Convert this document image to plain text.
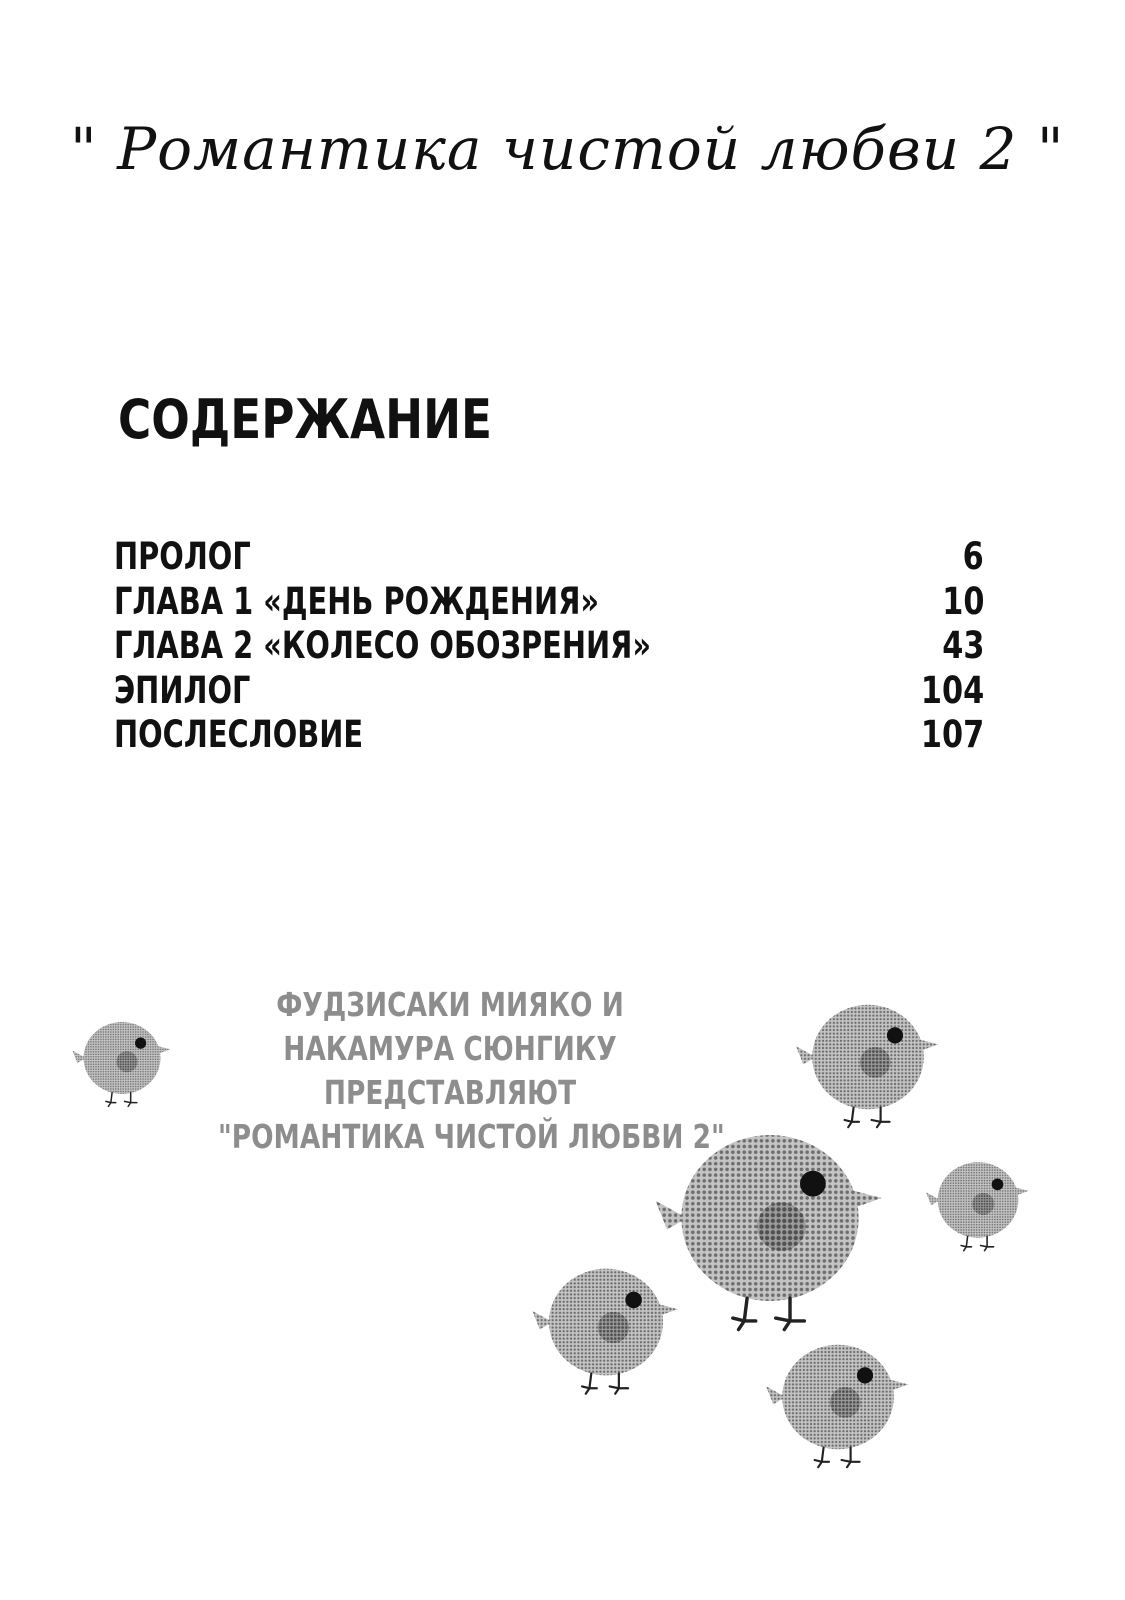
" Романтика чистой любви 2 "
СОДЕРЖАНИЕ
ПРОЛОГ	6
ГЛАВА 1 «ДЕНЬ РОЖДЕНИЯ»	10
ГЛАВА 2 «КОЛЕСО ОБОЗРЕНИЯ»	43
ЭПИЛОГ	104
ПОСЛЕСЛОВИЕ	107
ФУДЗИСАКИ МИЯКО И
НАКАМУРА СЮНГИКУ
ПРЕДСТАВЛЯЮТ
"РОМАНТИКА ЧИСТОЙ ЛЮБВИ 2"
